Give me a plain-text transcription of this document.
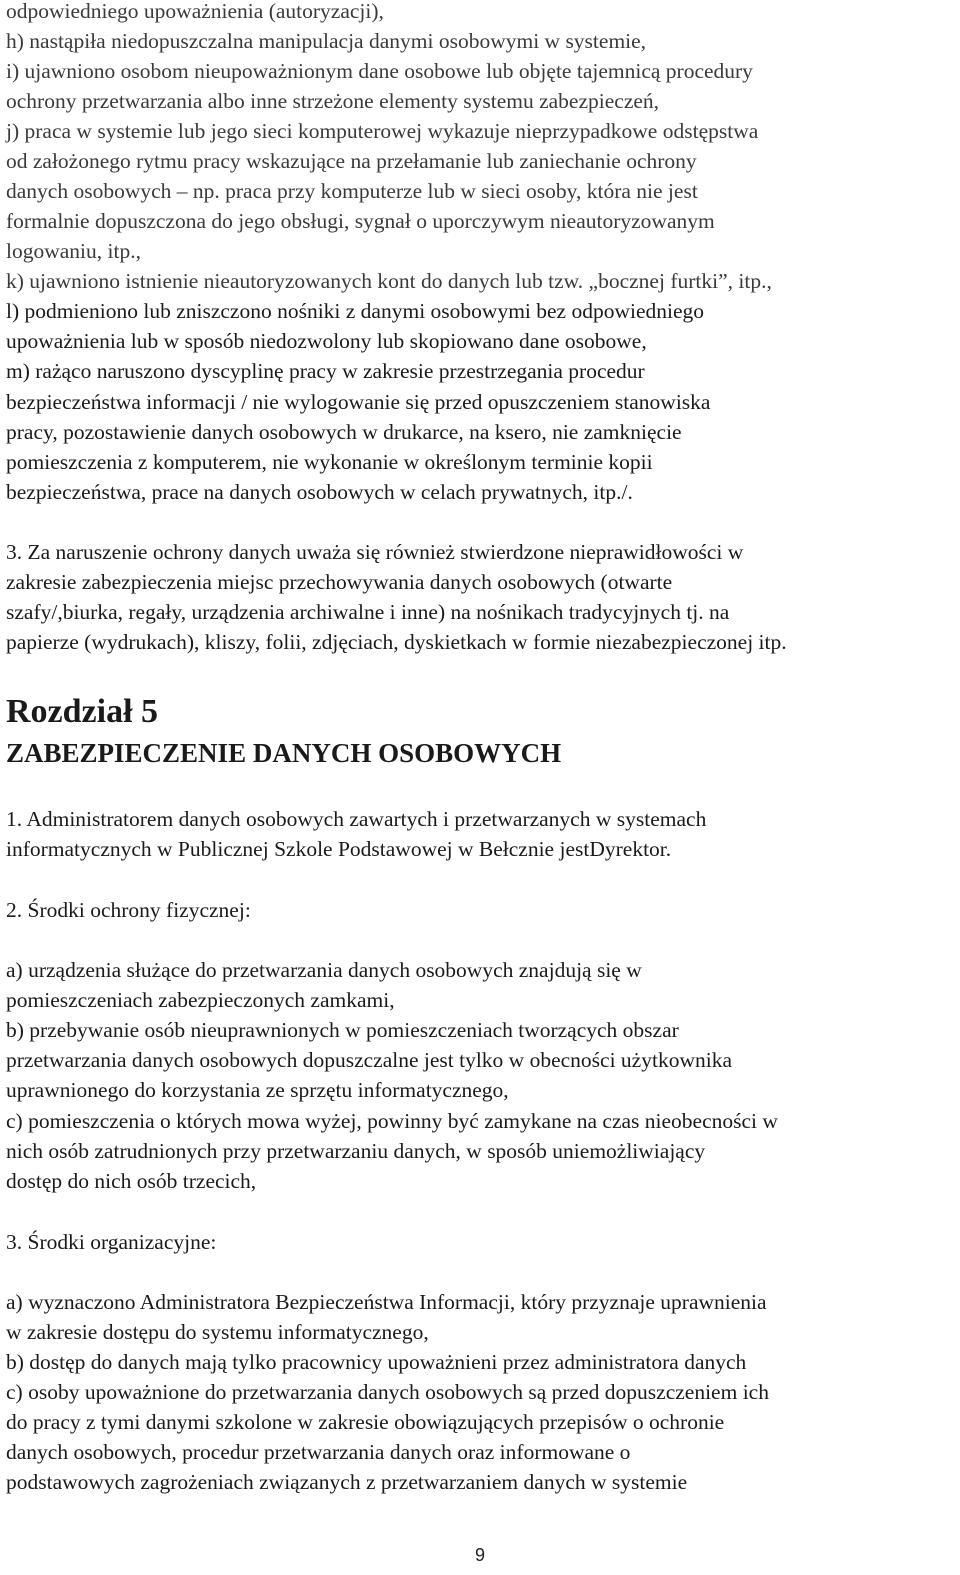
odpowiedniego upoważnienia (autoryzacji),
h) nastąpiła niedopuszczalna manipulacja danymi osobowymi w systemie,
i) ujawniono osobom nieupoważnionym dane osobowe lub objęte tajemnicą procedury
ochrony przetwarzania albo inne strzeżone elementy systemu zabezpieczeń,
j) praca w systemie lub jego sieci komputerowej wykazuje nieprzypadkowe odstępstwa
od założonego rytmu pracy wskazujące na przełamanie lub zaniechanie ochrony
danych osobowych – np. praca przy komputerze lub w sieci osoby, która nie jest
formalnie dopuszczona do jego obsługi, sygnał o uporczywym nieautoryzowanym
logowaniu, itp.,
k) ujawniono istnienie nieautoryzowanych kont do danych lub tzw. „bocznej furtki”, itp.,
l) podmieniono lub zniszczono nośniki z danymi osobowymi bez odpowiedniego
upoważnienia lub w sposób niedozwolony lub skopiowano dane osobowe,
m) rażąco naruszono dyscyplinę pracy w zakresie przestrzegania procedur
bezpieczeństwa informacji / nie wylogowanie się przed opuszczeniem stanowiska
pracy, pozostawienie danych osobowych w drukarce, na ksero, nie zamknięcie
pomieszczenia z komputerem, nie wykonanie w określonym terminie kopii
bezpieczeństwa, prace na danych osobowych w celach prywatnych, itp./.
3. Za naruszenie ochrony danych uważa się również stwierdzone nieprawidłowości w
zakresie zabezpieczenia miejsc przechowywania danych osobowych (otwarte
szafy/,biurka, regały, urządzenia archiwalne i inne) na nośnikach tradycyjnych tj. na
papierze (wydrukach), kliszy, folii, zdjęciach, dyskietkach w formie niezabezpieczonej itp.
Rozdział 5
ZABEZPIECZENIE DANYCH OSOBOWYCH
1. Administratorem danych osobowych zawartych i przetwarzanych w systemach
informatycznych w Publicznej Szkole Podstawowej w Bełcznie jestDyrektor.
2. Środki ochrony fizycznej:
a) urządzenia służące do przetwarzania danych osobowych znajdują się w
pomieszczeniach zabezpieczonych zamkami,
b) przebywanie osób nieuprawnionych w pomieszczeniach tworzących obszar
przetwarzania danych osobowych dopuszczalne jest tylko w obecności użytkownika
uprawnionego do korzystania ze sprzętu informatycznego,
c) pomieszczenia o których mowa wyżej, powinny być zamykane na czas nieobecności w
nich osób zatrudnionych przy przetwarzaniu danych, w sposób uniemożliwiający
dostęp do nich osób trzecich,
3. Środki organizacyjne:
a) wyznaczono Administratora Bezpieczeństwa Informacji, który przyznaje uprawnienia
w zakresie dostępu do systemu informatycznego,
b) dostęp do danych mają tylko pracownicy upoważnieni przez administratora danych
c) osoby upoważnione do przetwarzania danych osobowych są przed dopuszczeniem ich
do pracy z tymi danymi szkolone w zakresie obowiązujących przepisów o ochronie
danych osobowych, procedur przetwarzania danych oraz informowane o
podstawowych zagrożeniach związanych z przetwarzaniem danych w systemie
9
